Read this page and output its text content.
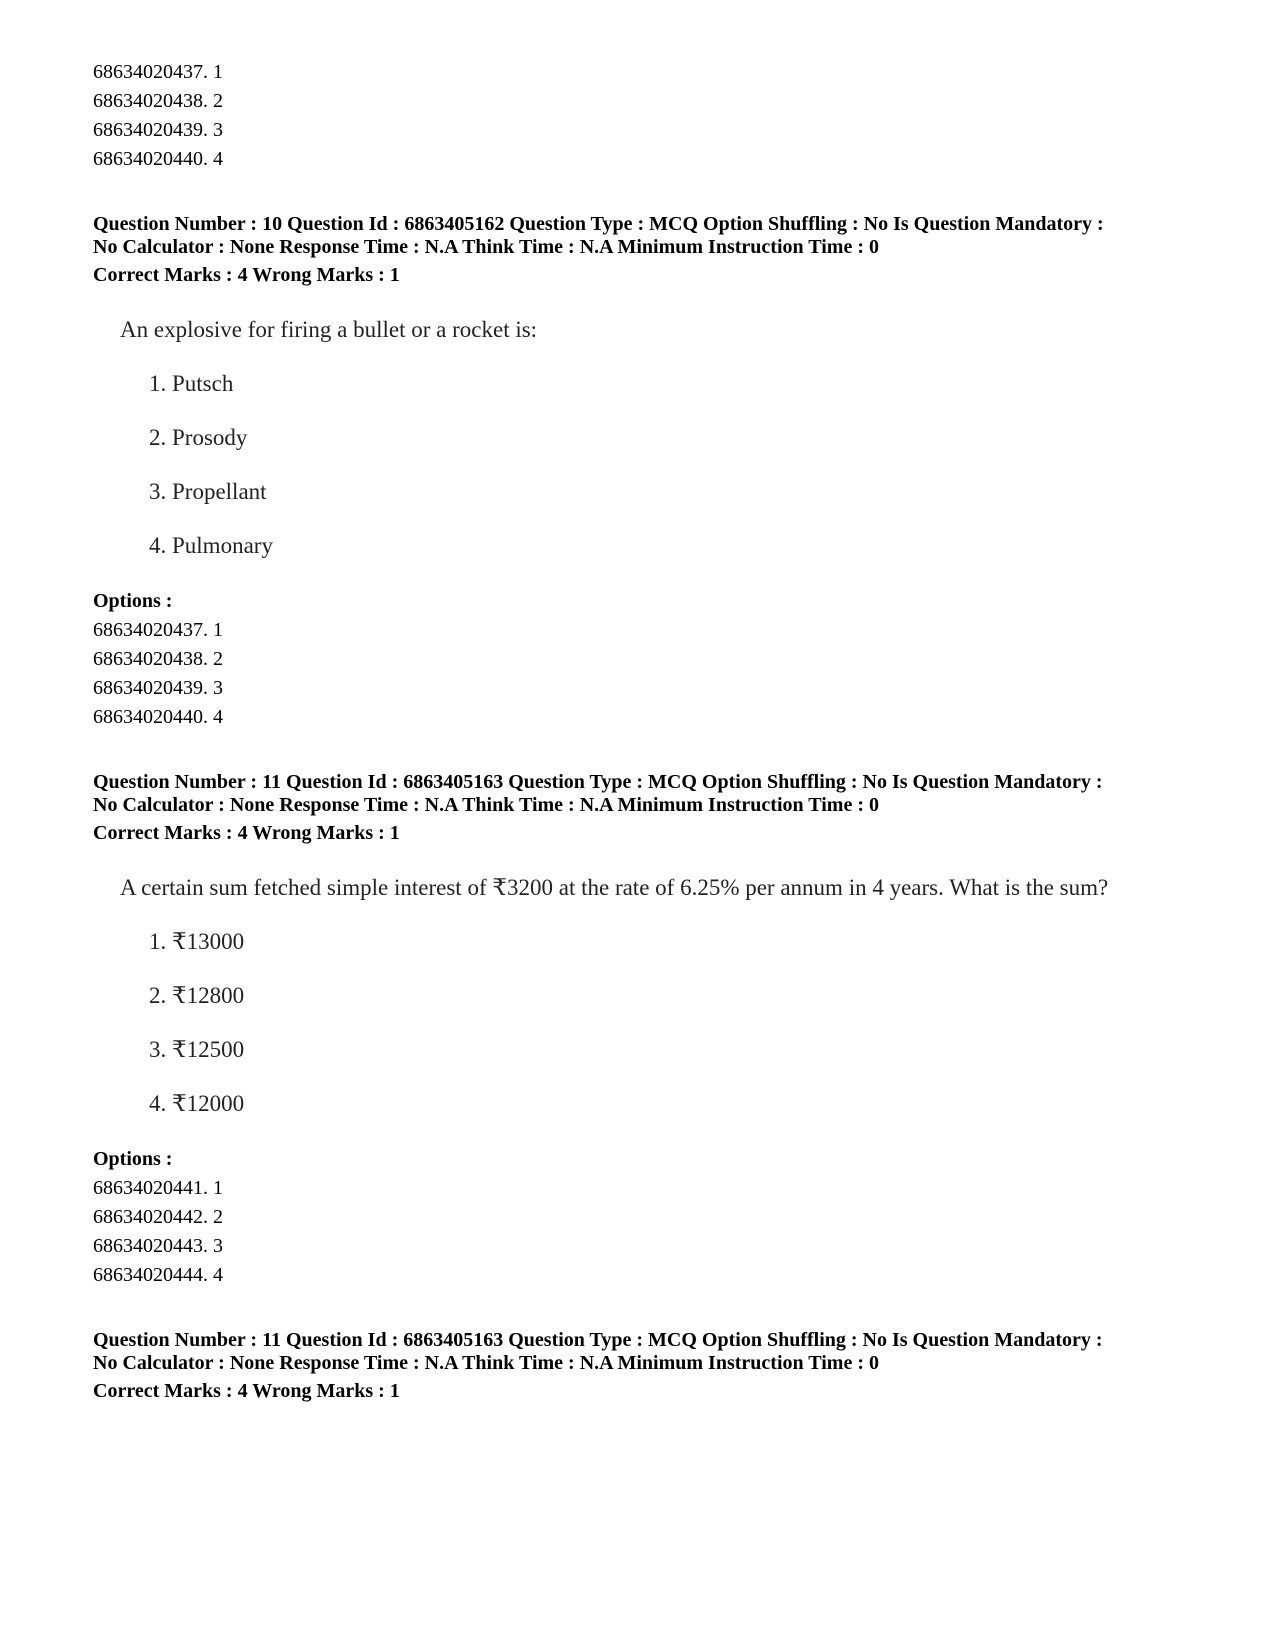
68634020437. 1
68634020438. 2
68634020439. 3
68634020440. 4
Question Number : 10 Question Id : 6863405162 Question Type : MCQ Option Shuffling : No Is Question Mandatory :
No Calculator : None Response Time : N.A Think Time : N.A Minimum Instruction Time : 0
Correct Marks : 4 Wrong Marks : 1
An explosive for firing a bullet or a rocket is:
1. Putsch
2. Prosody
3. Propellant
4. Pulmonary
Options :
68634020437. 1
68634020438. 2
68634020439. 3
68634020440. 4
Question Number : 11 Question Id : 6863405163 Question Type : MCQ Option Shuffling : No Is Question Mandatory :
No Calculator : None Response Time : N.A Think Time : N.A Minimum Instruction Time : 0
Correct Marks : 4 Wrong Marks : 1
A certain sum fetched simple interest of ₹3200 at the rate of 6.25% per annum in 4 years. What is the sum?
1. ₹13000
2. ₹12800
3. ₹12500
4. ₹12000
Options :
68634020441. 1
68634020442. 2
68634020443. 3
68634020444. 4
Question Number : 11 Question Id : 6863405163 Question Type : MCQ Option Shuffling : No Is Question Mandatory :
No Calculator : None Response Time : N.A Think Time : N.A Minimum Instruction Time : 0
Correct Marks : 4 Wrong Marks : 1
